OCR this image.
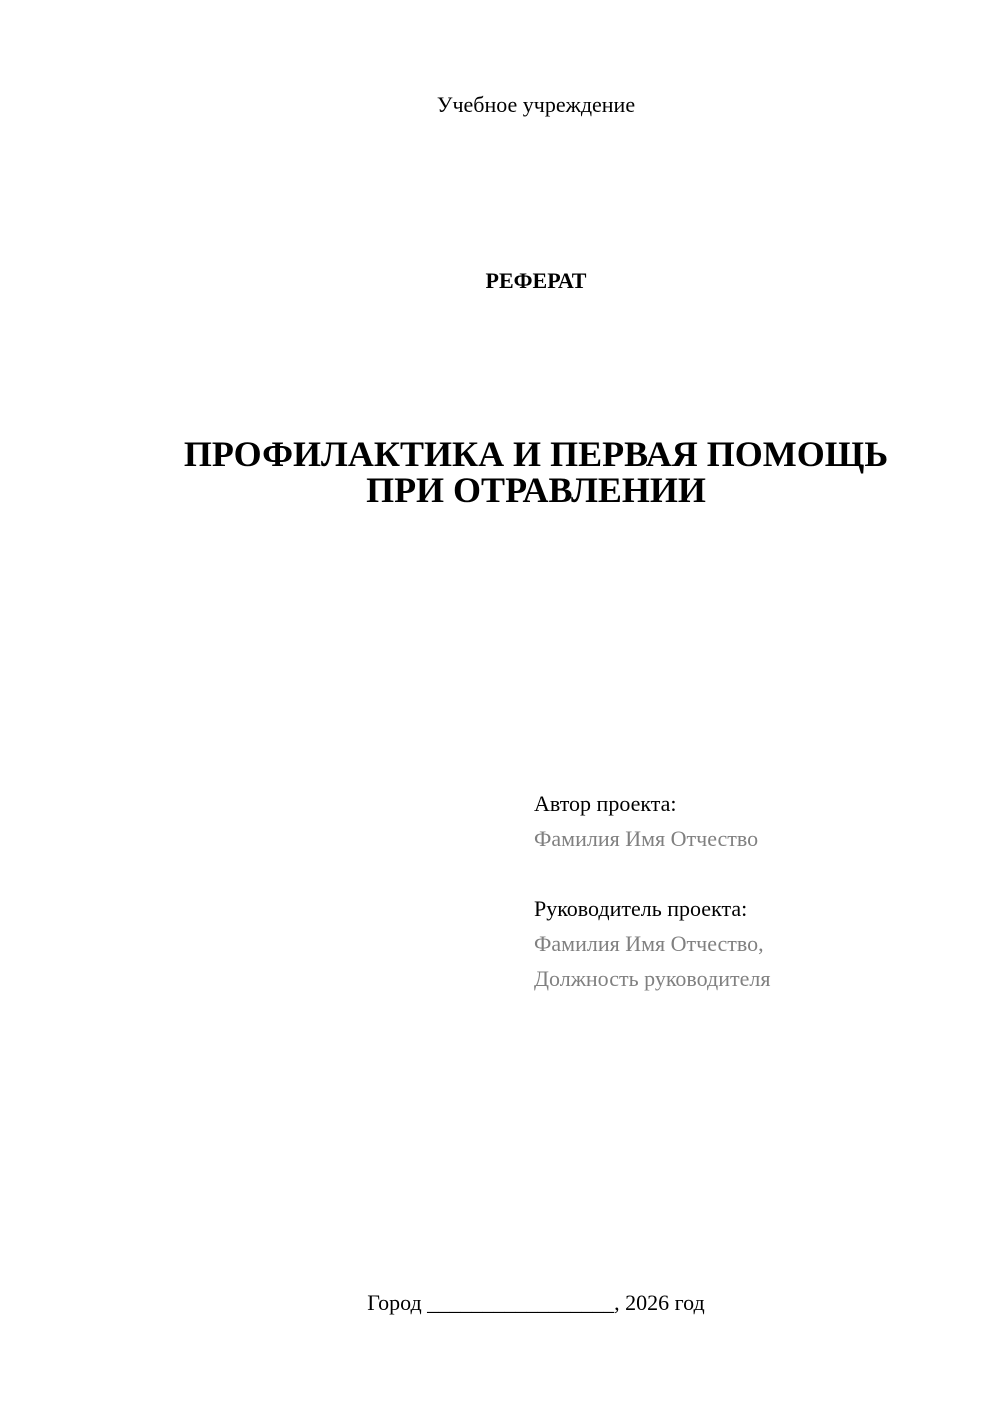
Учебное учреждение
РЕФЕРАТ
ПРОФИЛАКТИКА И ПЕРВАЯ ПОМОЩЬ
ПРИ ОТРАВЛЕНИИ
Автор проекта:
Фамилия Имя Отчество
Руководитель проекта:
Фамилия Имя Отчество,
Должность руководителя
Город _________________, 2026 год
